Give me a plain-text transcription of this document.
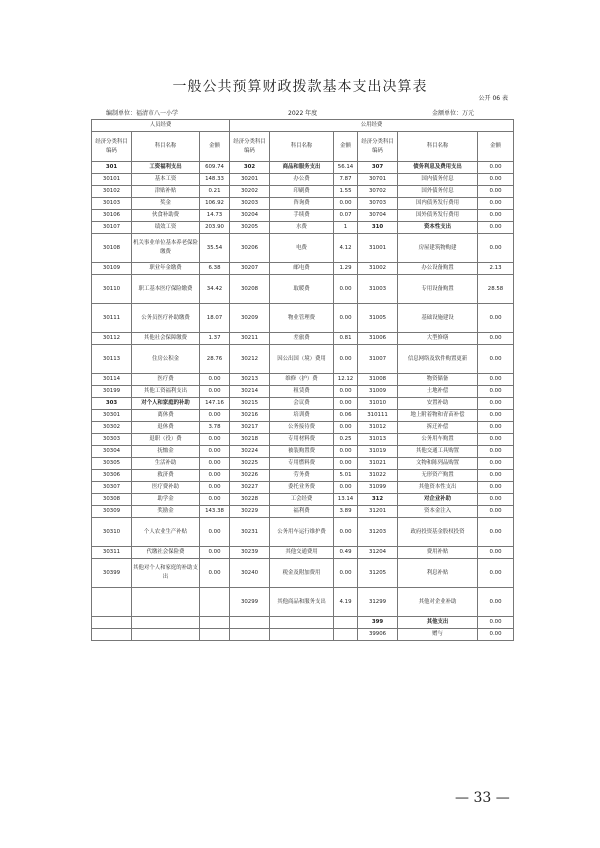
一般公共预算财政拨款基本支出决算表
公开 06 表
编制单位：福清市八一小学	2022 年度	金额单位：万元
人员经费			公用经费					
经济分类科目编码	科目名称	金额	经济分类科目编码	科目名称	金额	经济分类科目编码	科目名称	金额
301	工资福利支出	609.74	302	商品和服务支出	56.14	307	债务利息及费用支出	0.00
30101	基本工资	148.33	30201	办公费	7.87	30701	国内债务付息	0.00
30102	津贴补贴	0.21	30202	印刷费	1.55	30702	国外债务付息	0.00
30103	奖金	106.92	30203	咨询费	0.00	30703	国内债务发行费用	0.00
30106	伙食补助费	14.73	30204	手续费	0.07	30704	国外债务发行费用	0.00
30107	绩效工资	203.90	30205	水费	1	310	资本性支出	0.00
30108	机关事业单位基本养老保险缴费	35.54	30206	电费	4.12	31001	房屋建筑物购建	0.00
30109	职业年金缴费	6.38	30207	邮电费	1.29	31002	办公设备购置	2.13
30110	职工基本医疗保险缴费	34.42	30208	取暖费	0.00	31003	专用设备购置	28.58
30111	公务员医疗补助缴费	18.07	30209	物业管理费	0.00	31005	基础设施建设	0.00
30112	其他社会保障缴费	1.37	30211	差旅费	0.81	31006	大型修缮	0.00
30113	住房公积金	28.76	30212	因公出国（境）费用	0.00	31007	信息网络及软件购置更新	0.00
30114	医疗费	0.00	30213	维修（护）费	12.12	31008	物资储备	0.00
30199	其他工资福利支出	0.00	30214	租赁费	0.00	31009	土地补偿	0.00
303	对个人和家庭的补助	147.16	30215	会议费	0.00	31010	安置补助	0.00
30301	离休费	0.00	30216	培训费	0.06	310111	地上附着物和青苗补偿	0.00
30302	退休费	3.78	30217	公务接待费	0.00	31012	拆迁补偿	0.00
30303	退职（役）费	0.00	30218	专用材料费	0.25	31013	公务用车购置	0.00
30304	抚恤金	0.00	30224	被装购置费	0.00	31019	其他交通工具购置	0.00
30305	生活补助	0.00	30225	专用燃料费	0.00	31021	文物和陈列品购置	0.00
30306	救济费	0.00	30226	劳务费	5.01	31022	无形资产购置	0.00
30307	医疗费补助	0.00	30227	委托业务费	0.00	31099	其他资本性支出	0.00
30308	助学金	0.00	30228	工会经费	13.14	312	对企业补助	0.00
30309	奖励金	143.38	30229	福利费	3.89	31201	资本金注入	0.00
30310	个人农业生产补贴	0.00	30231	公务用车运行维护费	0.00	31203	政府投资基金股权投资	0.00
30311	代缴社会保险费	0.00	30239	其他交通费用	0.49	31204	费用补贴	0.00
30399	其他对个人和家庭的补助支出	0.00	30240	税金及附加费用	0.00	31205	利息补贴	0.00
			30299	其他商品和服务支出	4.19	31299	其他对企业补助	0.00
						399	其他支出	0.00
						39906	赠与	0.00
— 33 —
